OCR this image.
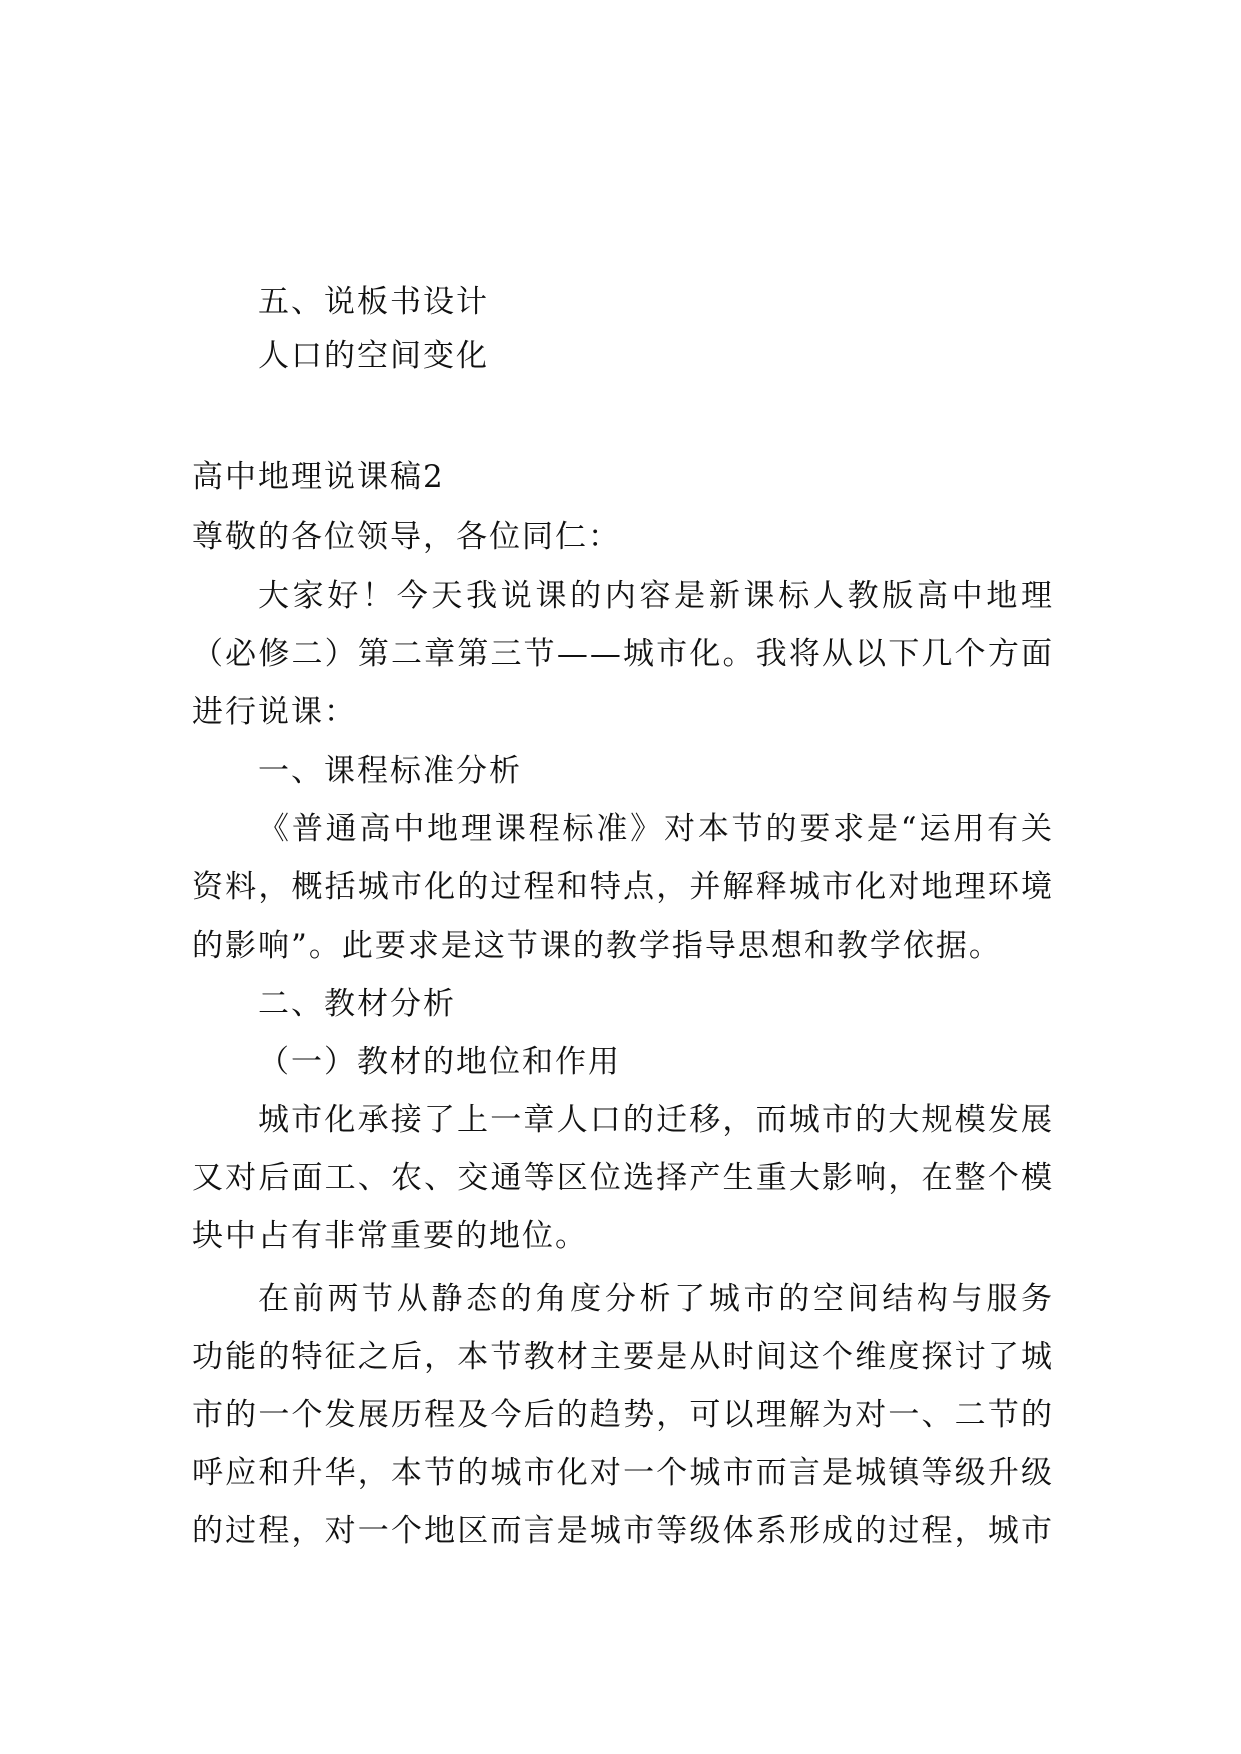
五、说板书设计
人口的空间变化
高中地理说课稿2
尊敬的各位领导，各位同仁：
大家好！今天我说课的内容是新课标人教版高中地理
（必修二）第二章第三节——城市化。我将从以下几个方面
进行说课：
一、课程标准分析
《普通高中地理课程标准》对本节的要求是“运用有关
资料，概括城市化的过程和特点，并解释城市化对地理环境
的影响”。此要求是这节课的教学指导思想和教学依据。
二、教材分析
（一）教材的地位和作用
城市化承接了上一章人口的迁移，而城市的大规模发展
又对后面工、农、交通等区位选择产生重大影响，在整个模
块中占有非常重要的地位。
在前两节从静态的角度分析了城市的空间结构与服务
功能的特征之后，本节教材主要是从时间这个维度探讨了城
市的一个发展历程及今后的趋势，可以理解为对一、二节的
呼应和升华，本节的城市化对一个城市而言是城镇等级升级
的过程，对一个地区而言是城市等级体系形成的过程，城市
